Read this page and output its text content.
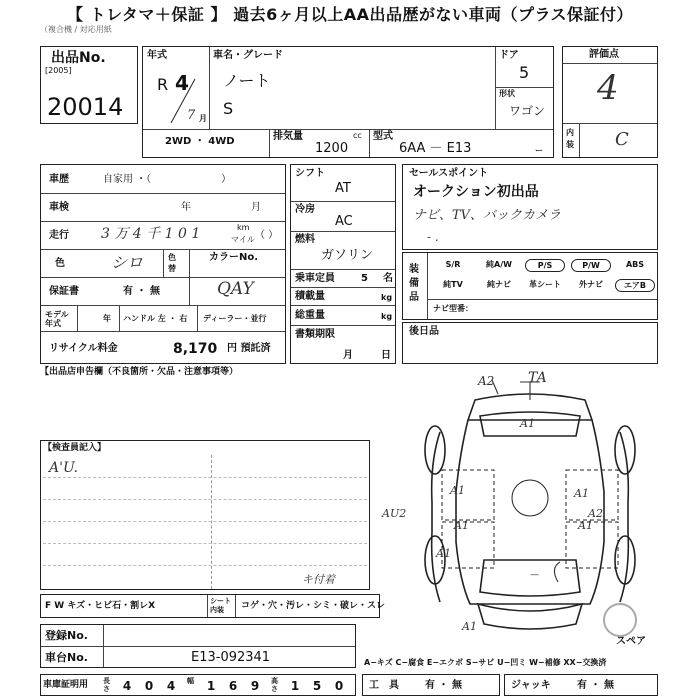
【 トレタマ＋保証 】 過去6ヶ月以上AA出品歴がない車両（プラス保証付）
（複合機 / 対応用紙
出品No.
[2005]
20014
年式
R 4
7 月
車名・グレード
ノート
S
ドア
5
形状
ワゴン
2WD ・ 4WD	排気量	cc
1200
型式
6AA － E13	ー
評価点
4
内装 C
車歴	自家用 ・（　　　　　　　）
車検	年	月
走行 3 万 4 千 1 0 1	km
マイル （ ）
色	シロ	色替
カラーNo.
QAY
保証書	有 ・ 無
モデル年式
年 ハンドル 左 ・ 右 ディーラー・並行
リサイクル料金	8,170 円 預託済
シフト
AT
冷房
AC
燃料
ガソリン
乗車定員	5 名
積載量	kg
総重量	kg
書類期限
月	日
セールスポイント
オークション初出品
ナビ、TV、バックカメラ
- .
装備品
S/R	純A/W	P/S	P/W	ABS
純TV	純ナビ	革シート	外ナビ	エアB
ナビ型番：
後日品
【出品店申告欄（不良箇所・欠品・注意事項等）
【検査員記入】
A'U.
—
A2 TA
A1
A1	A1
AU2
A1	A1
A2
A1
A1
キ付着
スペア
F W キズ・ヒビ石・割レX	シート内装	コゲ・穴・汚レ・シミ・破レ・スレ
登録No.
車台No.	E13-092341	A−キズ C−腐食 E−エクボ S−サビ U−凹ミ W−補修 XX−交換済
車庫証明用 長さ	4	0	4	幅	1	6	9	高さ	1	5	0	工　具	有 ・ 無	ジャッキ	有 ・ 無
